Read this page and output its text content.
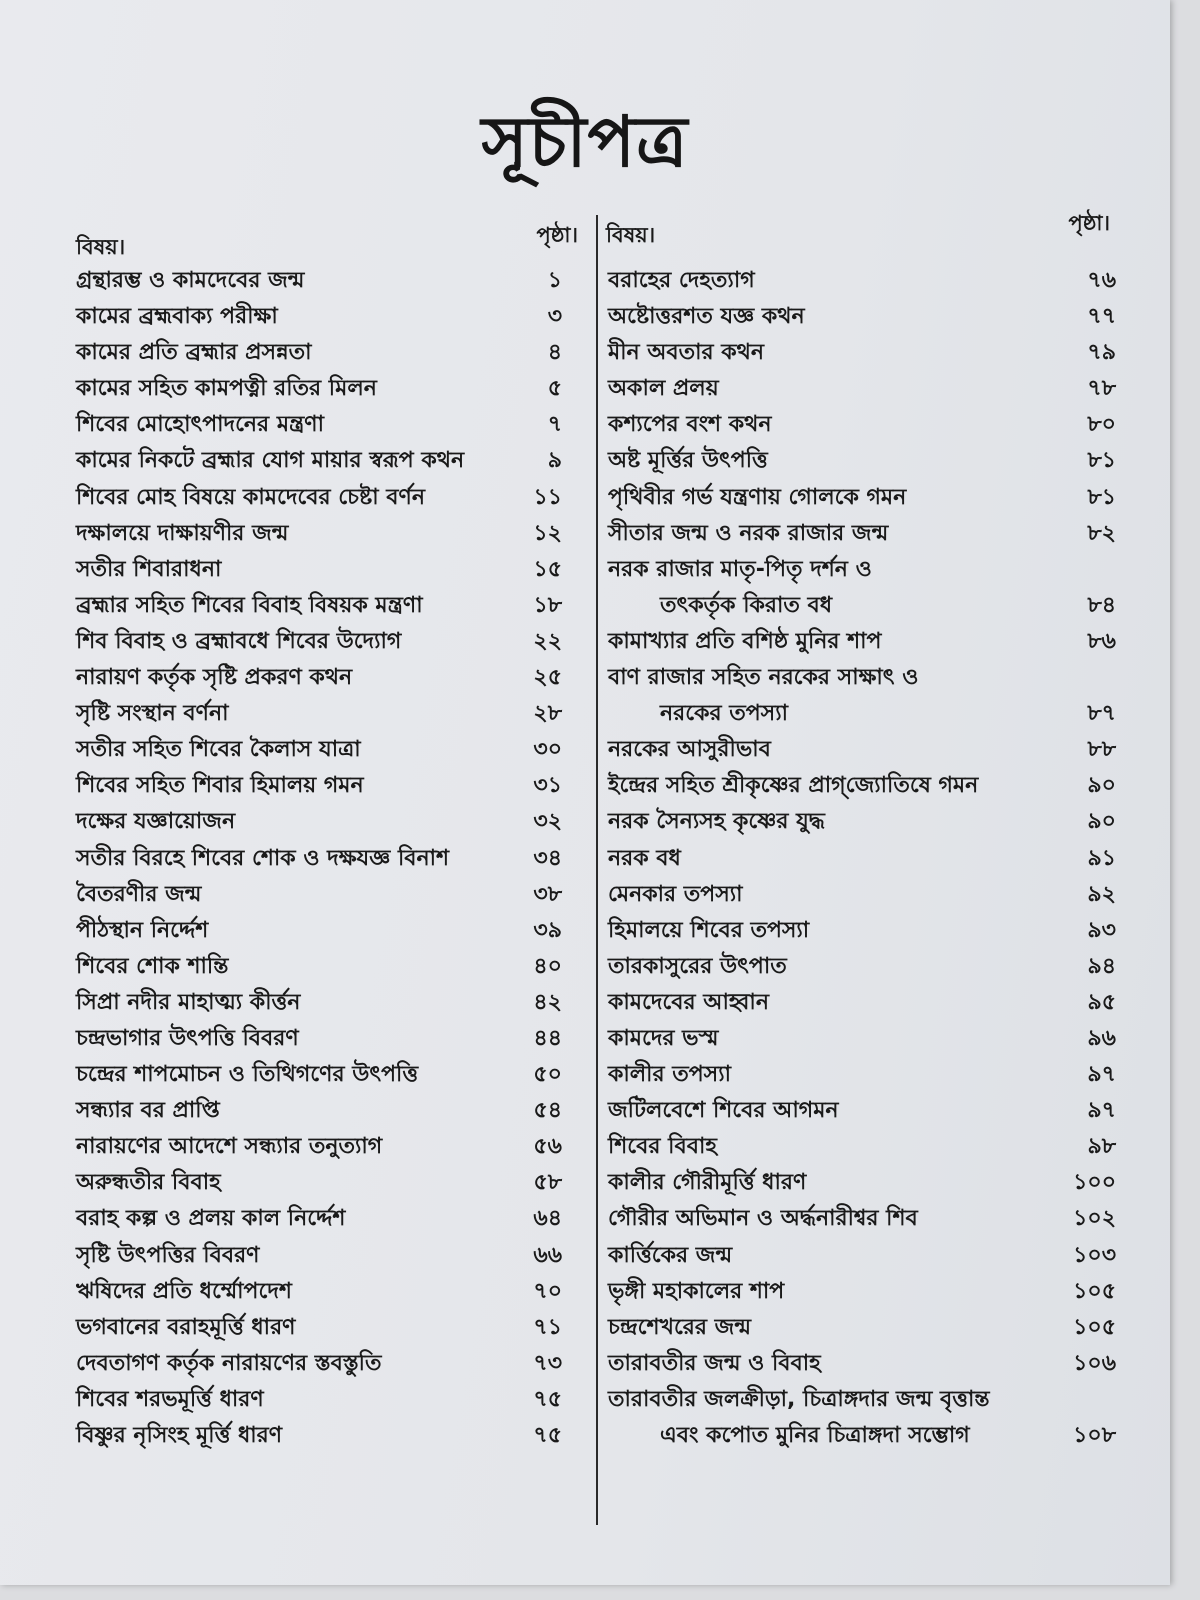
সূচীপত্র
বিষয়।	পৃষ্ঠা।
গ্রন্থারম্ভ ও কামদেবের জন্ম	১
কামের ব্রহ্মবাক্য পরীক্ষা	৩
কামের প্রতি ব্রহ্মার প্রসন্নতা	৪
কামের সহিত কামপত্নী রতির মিলন	৫
শিবের মোহোৎপাদনের মন্ত্রণা	৭
কামের নিকটে ব্রহ্মার যোগ মায়ার স্বরূপ কথন	৯
শিবের মোহ বিষয়ে কামদেবের চেষ্টা বর্ণন	১১
দক্ষালয়ে দাক্ষায়ণীর জন্ম	১২
সতীর শিবারাধনা	১৫
ব্রহ্মার সহিত শিবের বিবাহ বিষয়ক মন্ত্রণা	১৮
শিব বিবাহ ও ব্রহ্মাবধে শিবের উদ্যোগ	২২
নারায়ণ কর্তৃক সৃষ্টি প্রকরণ কথন	২৫
সৃষ্টি সংস্থান বর্ণনা	২৮
সতীর সহিত শিবের কৈলাস যাত্রা	৩০
শিবের সহিত শিবার হিমালয় গমন	৩১
দক্ষের যজ্ঞায়োজন	৩২
সতীর বিরহে শিবের শোক ও দক্ষযজ্ঞ বিনাশ	৩৪
বৈতরণীর জন্ম	৩৮
পীঠস্থান নির্দ্দেশ	৩৯
শিবের শোক শান্তি	৪০
সিপ্রা নদীর মাহাত্ম্য কীর্ত্তন	৪২
চন্দ্রভাগার উৎপত্তি বিবরণ	৪৪
চন্দ্রের শাপমোচন ও তিথিগণের উৎপত্তি	৫০
সন্ধ্যার বর প্রাপ্তি	৫৪
নারায়ণের আদেশে সন্ধ্যার তনুত্যাগ	৫৬
অরুন্ধতীর বিবাহ	৫৮
বরাহ কল্প ও প্রলয় কাল নির্দ্দেশ	৬৪
সৃষ্টি উৎপত্তির বিবরণ	৬৬
ঋষিদের প্রতি ধর্ম্মোপদেশ	৭০
ভগবানের বরাহমূর্ত্তি ধারণ	৭১
দেবতাগণ কর্তৃক নারায়ণের স্তবস্তুতি	৭৩
শিবের শরভমূর্ত্তি ধারণ	৭৫
বিষ্ণুর নৃসিংহ মূর্ত্তি ধারণ	৭৫
বিষয়।	পৃষ্ঠা।
বরাহের দেহত্যাগ	৭৬
অষ্টোত্তরশত যজ্ঞ কথন	৭৭
মীন অবতার কথন	৭৯
অকাল প্রলয়	৭৮
কশ্যপের বংশ কথন	৮০
অষ্ট মূর্ত্তির উৎপত্তি	৮১
পৃথিবীর গর্ভ যন্ত্রণায় গোলকে গমন	৮১
সীতার জন্ম ও নরক রাজার জন্ম	৮২
নরক রাজার মাতৃ-পিতৃ দর্শন ও
তৎকর্তৃক কিরাত বধ	৮৪
কামাখ্যার প্রতি বশিষ্ঠ মুনির শাপ	৮৬
বাণ রাজার সহিত নরকের সাক্ষাৎ ও
নরকের তপস্যা	৮৭
নরকের আসুরীভাব	৮৮
ইন্দ্রের সহিত শ্রীকৃষ্ণের প্রাগ্‌জ্যোতিষে গমন	৯০
নরক সৈন্যসহ কৃষ্ণের যুদ্ধ	৯০
নরক বধ	৯১
মেনকার তপস্যা	৯২
হিমালয়ে শিবের তপস্যা	৯৩
তারকাসুরের উৎপাত	৯৪
কামদেবের আহ্বান	৯৫
কামদের ভস্ম	৯৬
কালীর তপস্যা	৯৭
জটিলবেশে শিবের আগমন	৯৭
শিবের বিবাহ	৯৮
কালীর গৌরীমূর্ত্তি ধারণ	১০০
গৌরীর অভিমান ও অর্দ্ধনারীশ্বর শিব	১০২
কার্ত্তিকের জন্ম	১০৩
ভৃঙ্গী মহাকালের শাপ	১০৫
চন্দ্রশেখরের জন্ম	১০৫
তারাবতীর জন্ম ও বিবাহ	১০৬
তারাবতীর জলক্রীড়া, চিত্রাঙ্গদার জন্ম বৃত্তান্ত
এবং কপোত মুনির চিত্রাঙ্গদা সম্ভোগ	১০৮
